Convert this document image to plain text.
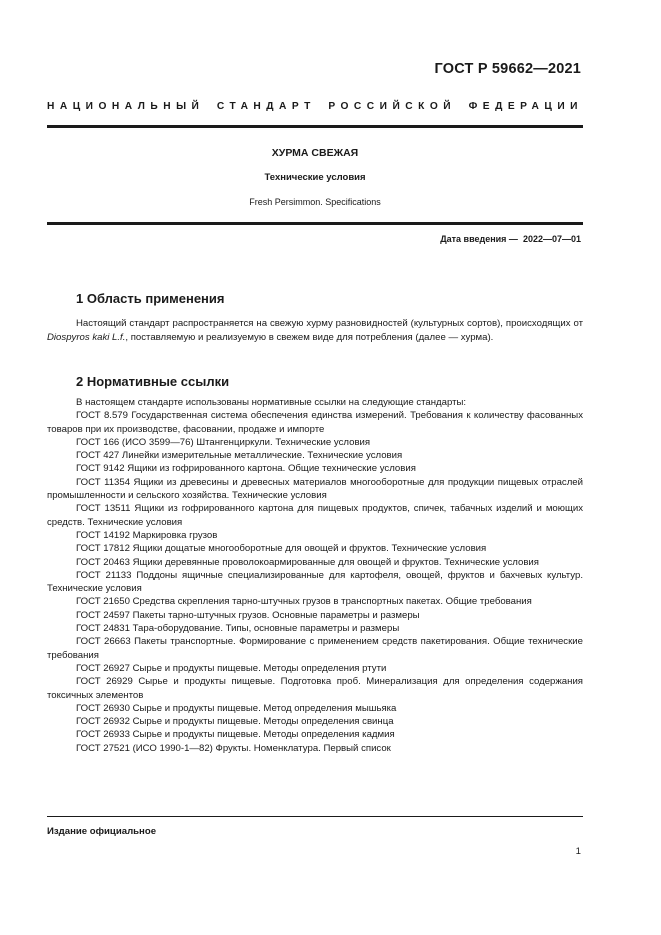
ГОСТ Р 59662—2021
НАЦИОНАЛЬНЫЙ СТАНДАРТ РОССИЙСКОЙ ФЕДЕРАЦИИ
ХУРМА СВЕЖАЯ
Технические условия
Fresh Persimmon. Specifications
Дата введения — 2022—07—01
1 Область применения

Настоящий стандарт распространяется на свежую хурму разновидностей (культурных сортов), происходящих от Diospyros kaki L.f., поставляемую и реализуемую в свежем виде для потребления (далее — хурма).

2 Нормативные ссылки

В настоящем стандарте использованы нормативные ссылки на следующие стандарты:

ГОСТ 8.579 Государственная система обеспечения единства измерений. Требования к количеству фасованных товаров при их производстве, фасовании, продаже и импорте

ГОСТ 166 (ИСО 3599—76) Штангенциркули. Технические условия

ГОСТ 427 Линейки измерительные металлические. Технические условия

ГОСТ 9142 Ящики из гофрированного картона. Общие технические условия

ГОСТ 11354 Ящики из древесины и древесных материалов многооборотные для продукции пищевых отраслей промышленности и сельского хозяйства. Технические условия

ГОСТ 13511 Ящики из гофрированного картона для пищевых продуктов, спичек, табачных изделий и моющих средств. Технические условия

ГОСТ 14192 Маркировка грузов

ГОСТ 17812 Ящики дощатые многооборотные для овощей и фруктов. Технические условия

ГОСТ 20463 Ящики деревянные проволокоармированные для овощей и фруктов. Технические условия

ГОСТ 21133 Поддоны ящичные специализированные для картофеля, овощей, фруктов и бахчевых культур. Технические условия

ГОСТ 21650 Средства скрепления тарно-штучных грузов в транспортных пакетах. Общие требования

ГОСТ 24597 Пакеты тарно-штучных грузов. Основные параметры и размеры

ГОСТ 24831 Тара-оборудование. Типы, основные параметры и размеры

ГОСТ 26663 Пакеты транспортные. Формирование с применением средств пакетирования. Общие технические требования

ГОСТ 26927 Сырье и продукты пищевые. Методы определения ртути

ГОСТ 26929 Сырье и продукты пищевые. Подготовка проб. Минерализация для определения содержания токсичных элементов

ГОСТ 26930 Сырье и продукты пищевые. Метод определения мышьяка

ГОСТ 26932 Сырье и продукты пищевые. Методы определения свинца

ГОСТ 26933 Сырье и продукты пищевые. Методы определения кадмия

ГОСТ 27521 (ИСО 1990-1—82) Фрукты. Номенклатура. Первый список

Издание официальное
1
